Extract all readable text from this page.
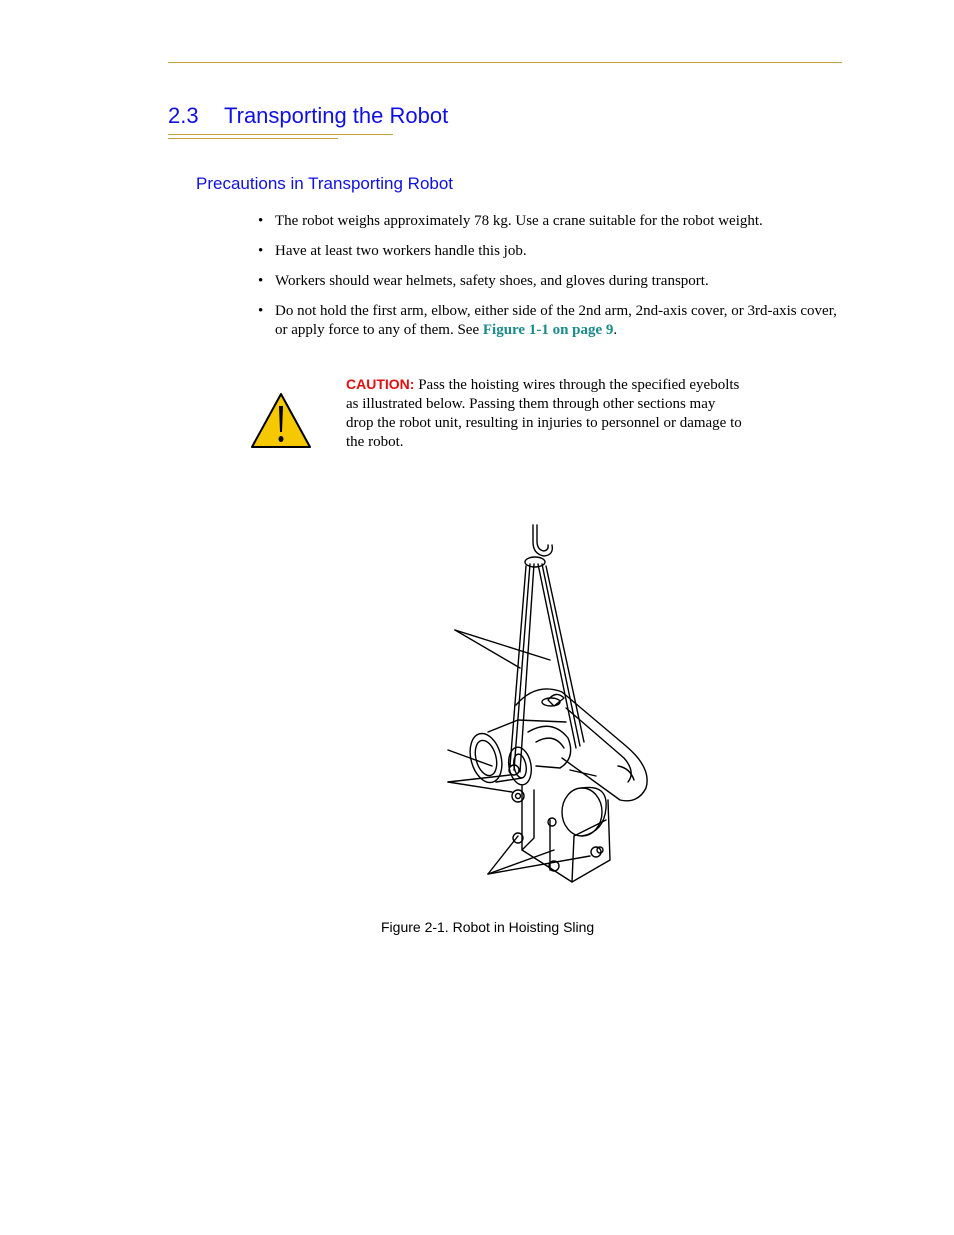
2.3 Transporting the Robot
Precautions in Transporting Robot
• The robot weighs approximately 78 kg. Use a crane suitable for the robot weight.
• Have at least two workers handle this job.
• Workers should wear helmets, safety shoes, and gloves during transport.
• Do not hold the first arm, elbow, either side of the 2nd arm, 2nd-axis cover, or 3rd-axis cover, or apply force to any of them. See Figure 1-1 on page 9.
CAUTION: Pass the hoisting wires through the specified eyebolts as illustrated below. Passing them through other sections may drop the robot unit, resulting in injuries to personnel or damage to the robot.

Figure 2-1. Robot in Hoisting Sling
